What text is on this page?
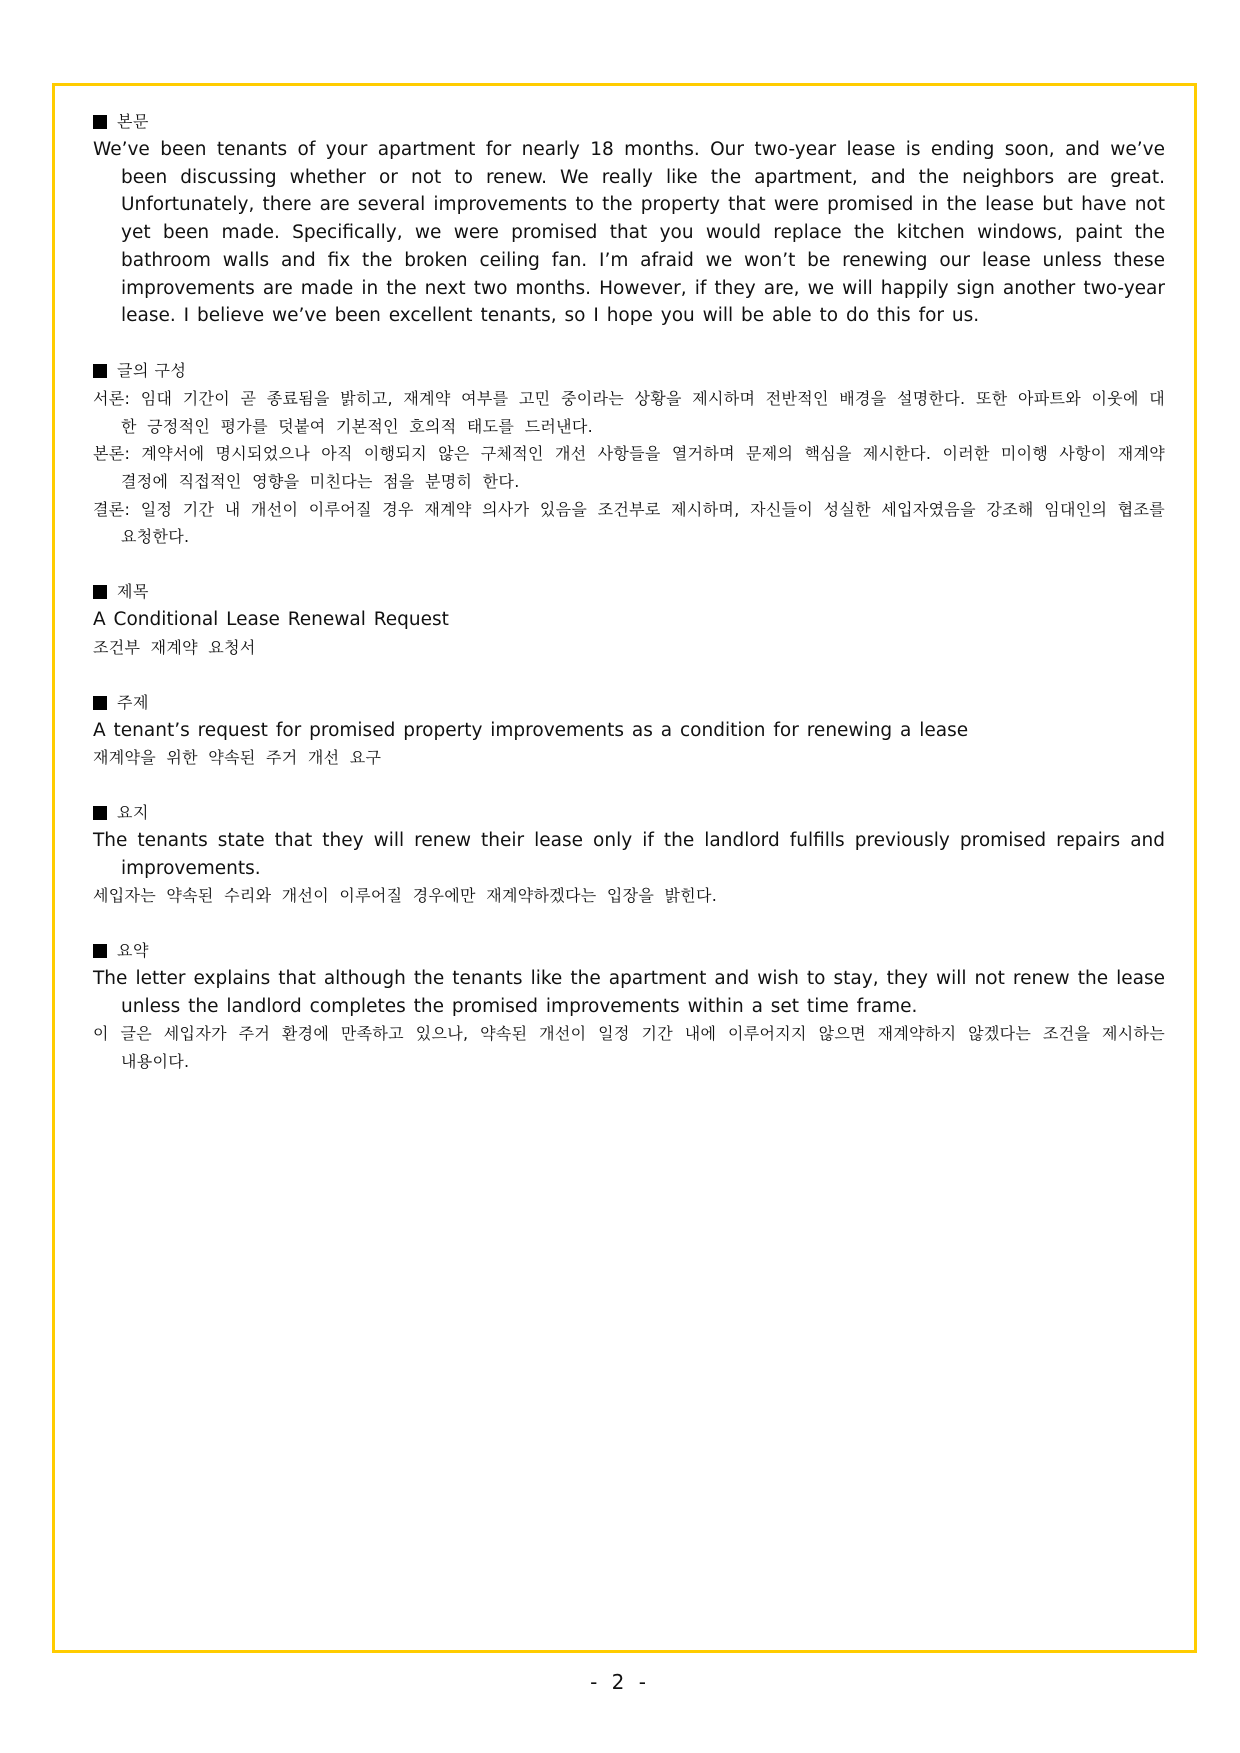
본문
We’ve been tenants of your apartment for nearly 18 months. Our two-year lease is ending soon, and we’ve been discussing whether or not to renew. We really like the apartment, and the neighbors are great. Unfortunately, there are several improvements to the property that were promised in the lease but have not yet been made. Specifically, we were promised that you would replace the kitchen windows, paint the bathroom walls and fix the broken ceiling fan. I’m afraid we won’t be renewing our lease unless these improvements are made in the next two months. However, if they are, we will happily sign another two-year lease. I believe we’ve been excellent tenants, so I hope you will be able to do this for us.
글의 구성
서론: 임대 기간이 곧 종료됨을 밝히고, 재계약 여부를 고민 중이라는 상황을 제시하며 전반적인 배경을 설명한다. 또한 아파트와 이웃에 대한 긍정적인 평가를 덧붙여 기본적인 호의적 태도를 드러낸다.
본론: 계약서에 명시되었으나 아직 이행되지 않은 구체적인 개선 사항들을 열거하며 문제의 핵심을 제시한다. 이러한 미이행 사항이 재계약 결정에 직접적인 영향을 미친다는 점을 분명히 한다.
결론: 일정 기간 내 개선이 이루어질 경우 재계약 의사가 있음을 조건부로 제시하며, 자신들이 성실한 세입자였음을 강조해 임대인의 협조를 요청한다.
제목
A Conditional Lease Renewal Request
조건부 재계약 요청서
주제
A tenant’s request for promised property improvements as a condition for renewing a lease
재계약을 위한 약속된 주거 개선 요구
요지
The tenants state that they will renew their lease only if the landlord fulfills previously promised repairs and improvements.
세입자는 약속된 수리와 개선이 이루어질 경우에만 재계약하겠다는 입장을 밝힌다.
요약
The letter explains that although the tenants like the apartment and wish to stay, they will not renew the lease unless the landlord completes the promised improvements within a set time frame.
이 글은 세입자가 주거 환경에 만족하고 있으나, 약속된 개선이 일정 기간 내에 이루어지지 않으면 재계약하지 않겠다는 조건을 제시하는 내용이다.
- 2 -
